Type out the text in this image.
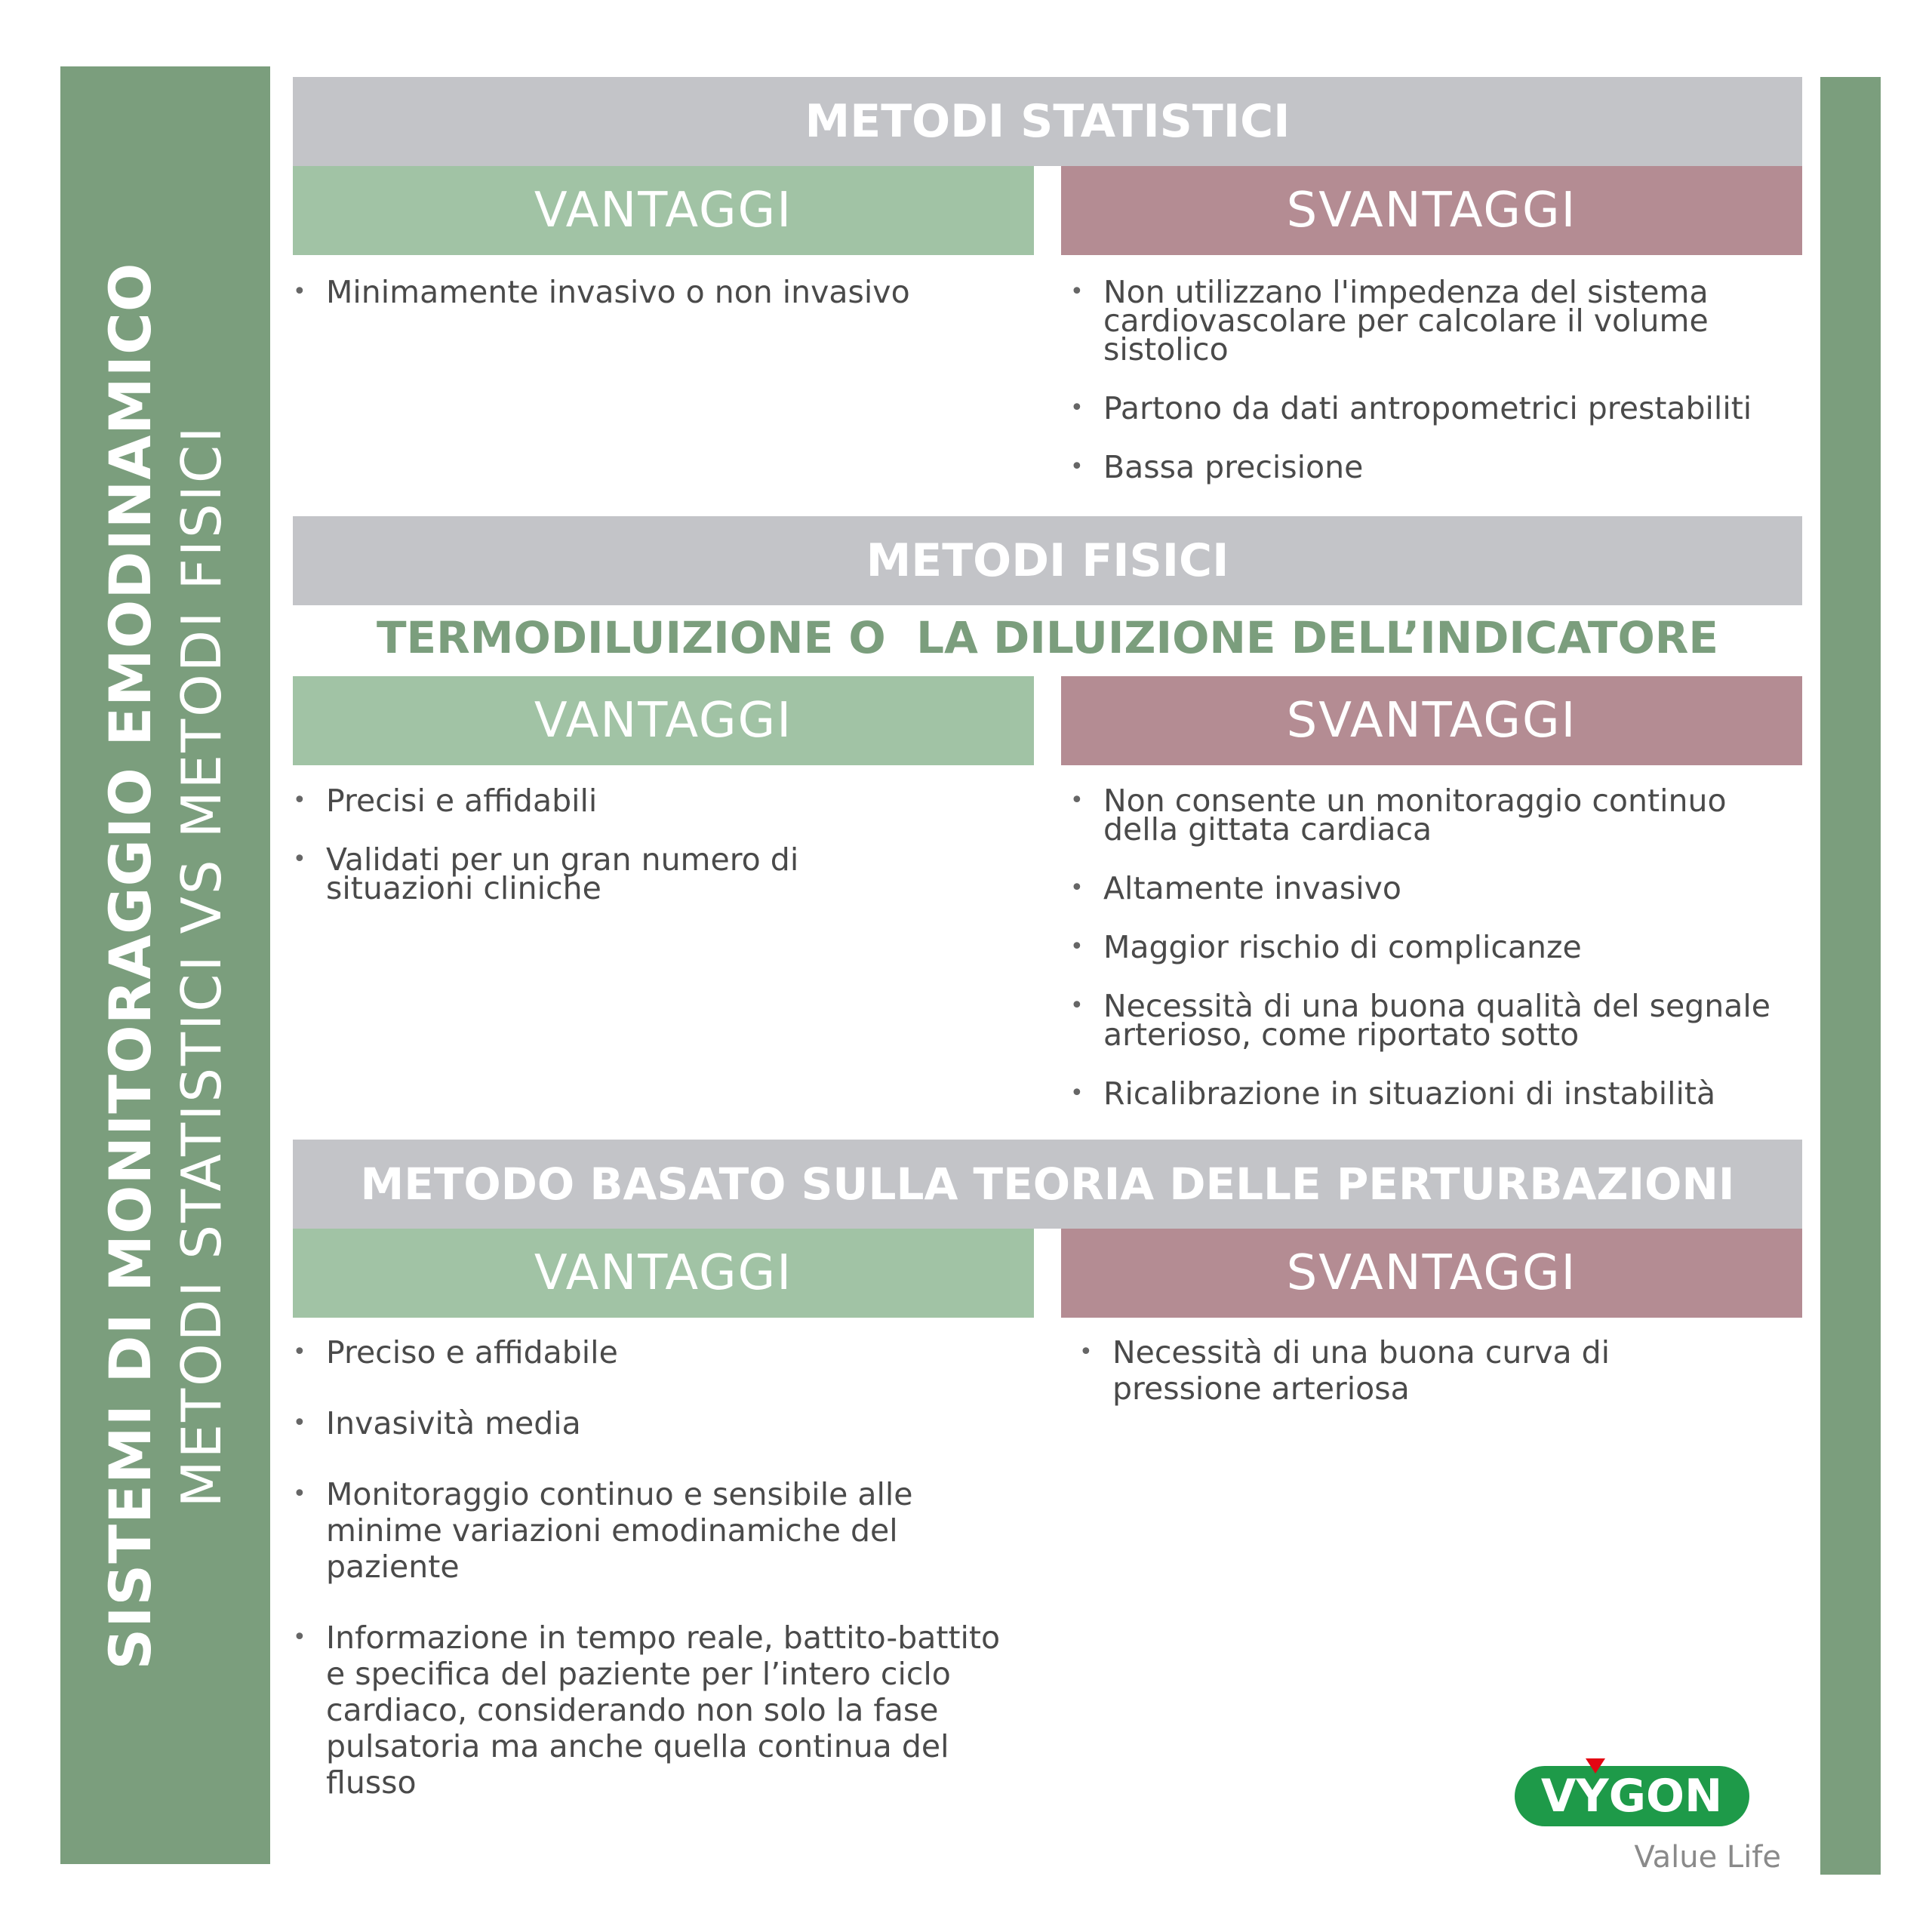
SISTEMI DI MONITORAGGIO EMODINAMICO METODI STATISTICI VS METODI FISICI
METODI STATISTICI
VANTAGGI	SVANTAGGI
• Minimamente invasivo o non invasivo
•	Non utilizzano l'impedenza del sistema cardiovascolare per calcolare il volume sistolico
• Partono da dati antropometrici prestabiliti
• Bassa precisione
METODI FISICI
TERMODILUIZIONE O  LA DILUIZIONE DELL’INDICATORE
VANTAGGI	SVANTAGGI
• Precisi e affidabili
• Validati per un gran numero di situazioni cliniche
• Non consente un monitoraggio continuo della gittata cardiaca
• Altamente invasivo
• Maggior rischio di complicanze
• Necessità di una buona qualità del segnale arterioso, come riportato sotto
• Ricalibrazione in situazioni di instabilità
METODO BASATO SULLA TEORIA DELLE PERTURBAZIONI
VANTAGGI	SVANTAGGI
• Preciso e affidabile
• Invasività media
• Monitoraggio continuo e sensibile alle minime variazioni emodinamiche del paziente
• Informazione in tempo reale, battito-battito e specifica del paziente per l’intero ciclo cardiaco, considerando non solo la fase pulsatoria ma anche quella continua del flusso
• Necessità di una buona curva di pressione arteriosa
VYGON
Value Life
